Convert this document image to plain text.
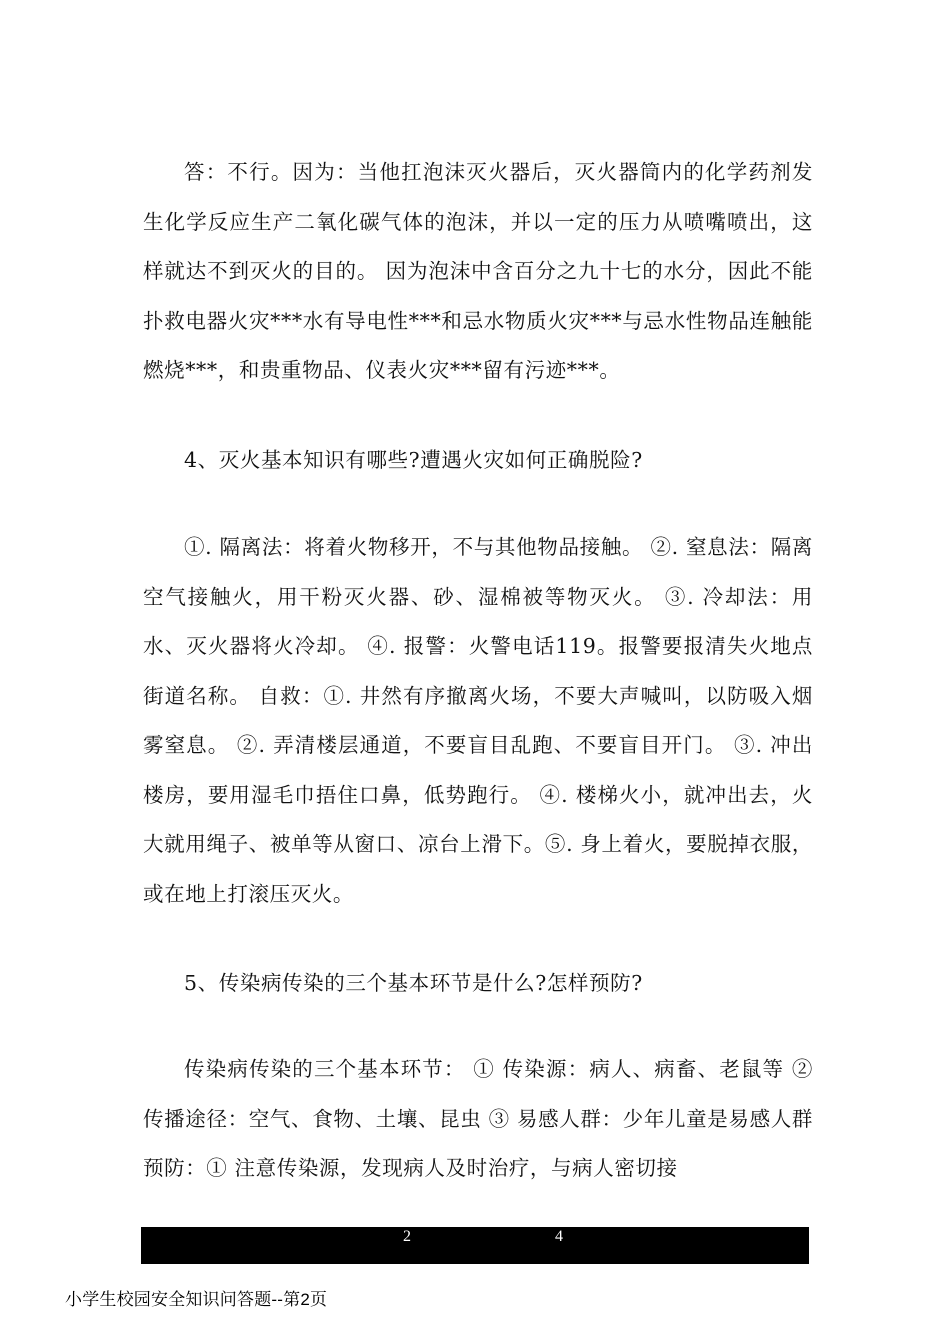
答：不行。因为：当他扛泡沫灭火器后，灭火器筒内的化学药剂发生化学反应生产二氧化碳气体的泡沫，并以一定的压力从喷嘴喷出，这样就达不到灭火的目的。 因为泡沫中含百分之九十七的水分，因此不能扑救电器火灾***水有导电性***和忌水物质火灾***与忌水性物品连触能燃烧***，和贵重物品、仪表火灾***留有污迹***。

4、灭火基本知识有哪些?遭遇火灾如何正确脱险?

①. 隔离法：将着火物移开，不与其他物品接触。 ②. 窒息法：隔离空气接触火，用干粉灭火器、砂、湿棉被等物灭火。 ③. 冷却法：用水、灭火器将火冷却。 ④. 报警：火警电话119。报警要报清失火地点街道名称。 自救：①. 井然有序撤离火场，不要大声喊叫，以防吸入烟雾窒息。 ②. 弄清楼层通道，不要盲目乱跑、不要盲目开门。 ③. 冲出楼房，要用湿毛巾捂住口鼻，低势跑行。 ④. 楼梯火小，就冲出去，火大就用绳子、被单等从窗口、凉台上滑下。⑤. 身上着火，要脱掉衣服，或在地上打滚压灭火。

5、传染病传染的三个基本环节是什么?怎样预防?

传染病传染的三个基本环节： ① 传染源：病人、病畜、老鼠等 ② 传播途径：空气、食物、土壤、昆虫 ③ 易感人群：少年儿童是易感人群 预防：① 注意传染源，发现病人及时治疗，与病人密切接

2	4
小学生校园安全知识问答题--第2页
